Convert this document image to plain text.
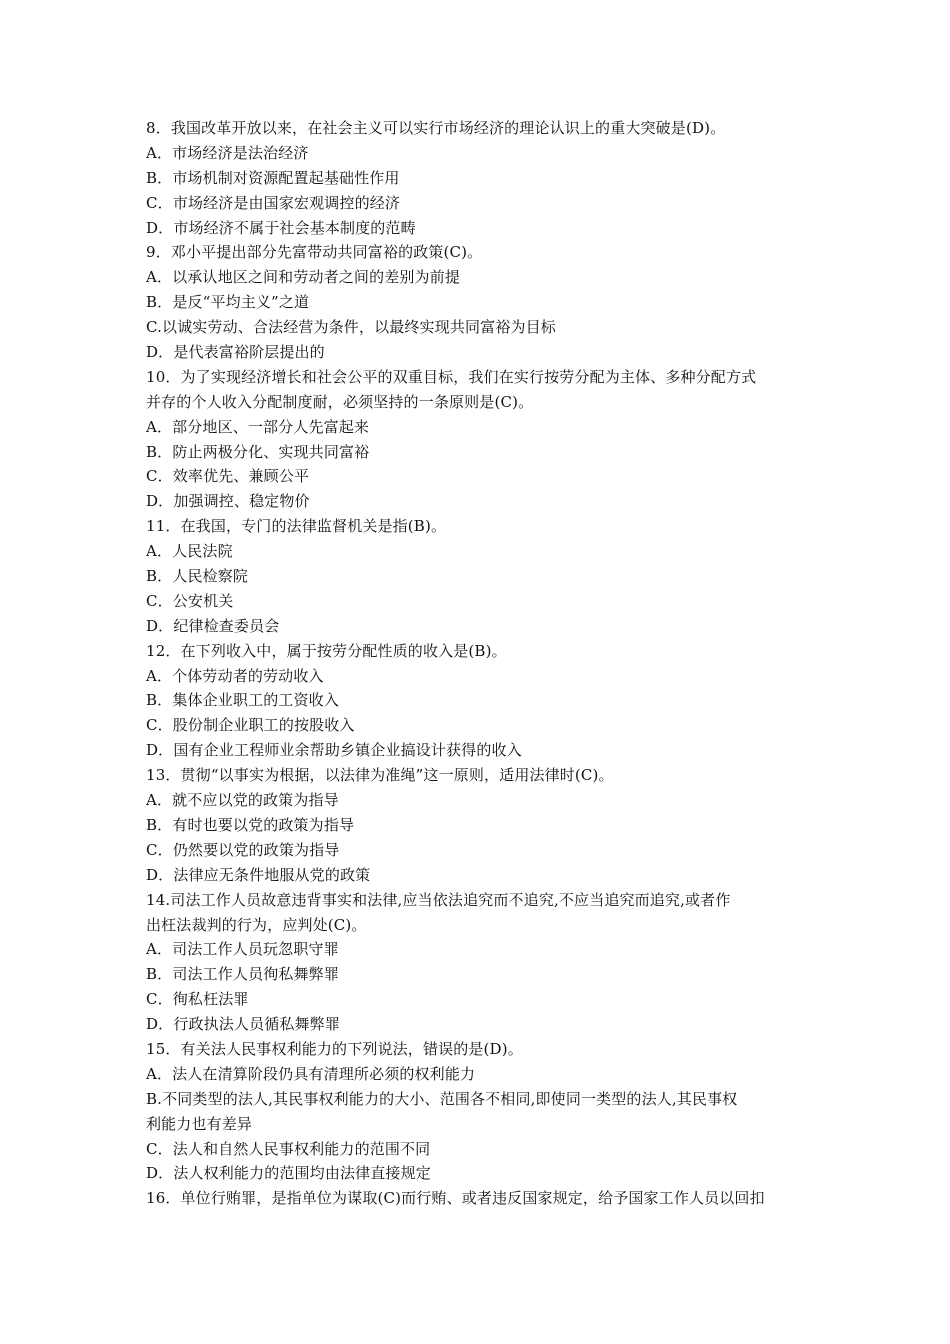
8．我国改革开放以来，在社会主义可以实行市场经济的理论认识上的重大突破是(D)。
A．市场经济是法治经济
B．市场机制对资源配置起基础性作用
C．市场经济是由国家宏观调控的经济
D．市场经济不属于社会基本制度的范畴
9．邓小平提出部分先富带动共同富裕的政策(C)。
A．以承认地区之间和劳动者之间的差别为前提
B．是反“平均主义”之道
C.以诚实劳动、合法经营为条件，以最终实现共同富裕为目标
D．是代表富裕阶层提出的
10．为了实现经济增长和社会公平的双重目标，我们在实行按劳分配为主体、多种分配方式
并存的个人收入分配制度耐，必须坚持的一条原则是(C)。
A．部分地区、一部分人先富起来
B．防止两极分化、实现共同富裕
C．效率优先、兼顾公平
D．加强调控、稳定物价
11．在我国，专门的法律监督机关是指(B)。
A．人民法院
B．人民检察院
C．公安机关
D．纪律检查委员会
12．在下列收入中，属于按劳分配性质的收入是(B)。
A．个体劳动者的劳动收入
B．集体企业职工的工资收入
C．股份制企业职工的按股收入
D．国有企业工程师业余帮助乡镇企业搞设计获得的收入
13．贯彻“以事实为根据，以法律为准绳”这一原则，适用法律时(C)。
A．就不应以党的政策为指导
B．有时也要以党的政策为指导
C．仍然要以党的政策为指导
D．法律应无条件地服从党的政策
14.司法工作人员故意违背事实和法律,应当依法追究而不追究,不应当追究而追究,或者作
出枉法裁判的行为，应判处(C)。
A．司法工作人员玩忽职守罪
B．司法工作人员徇私舞弊罪
C．徇私枉法罪
D．行政执法人员循私舞弊罪
15．有关法人民事权利能力的下列说法，错误的是(D)。
A．法人在清算阶段仍具有清理所必须的权利能力
B.不同类型的法人,其民事权利能力的大小、范围各不相同,即使同一类型的法人,其民事权
利能力也有差异
C．法人和自然人民事权利能力的范围不同
D．法人权利能力的范围均由法律直接规定
16．单位行贿罪，是指单位为谋取(C)而行贿、或者违反国家规定，给予国家工作人员以回扣
